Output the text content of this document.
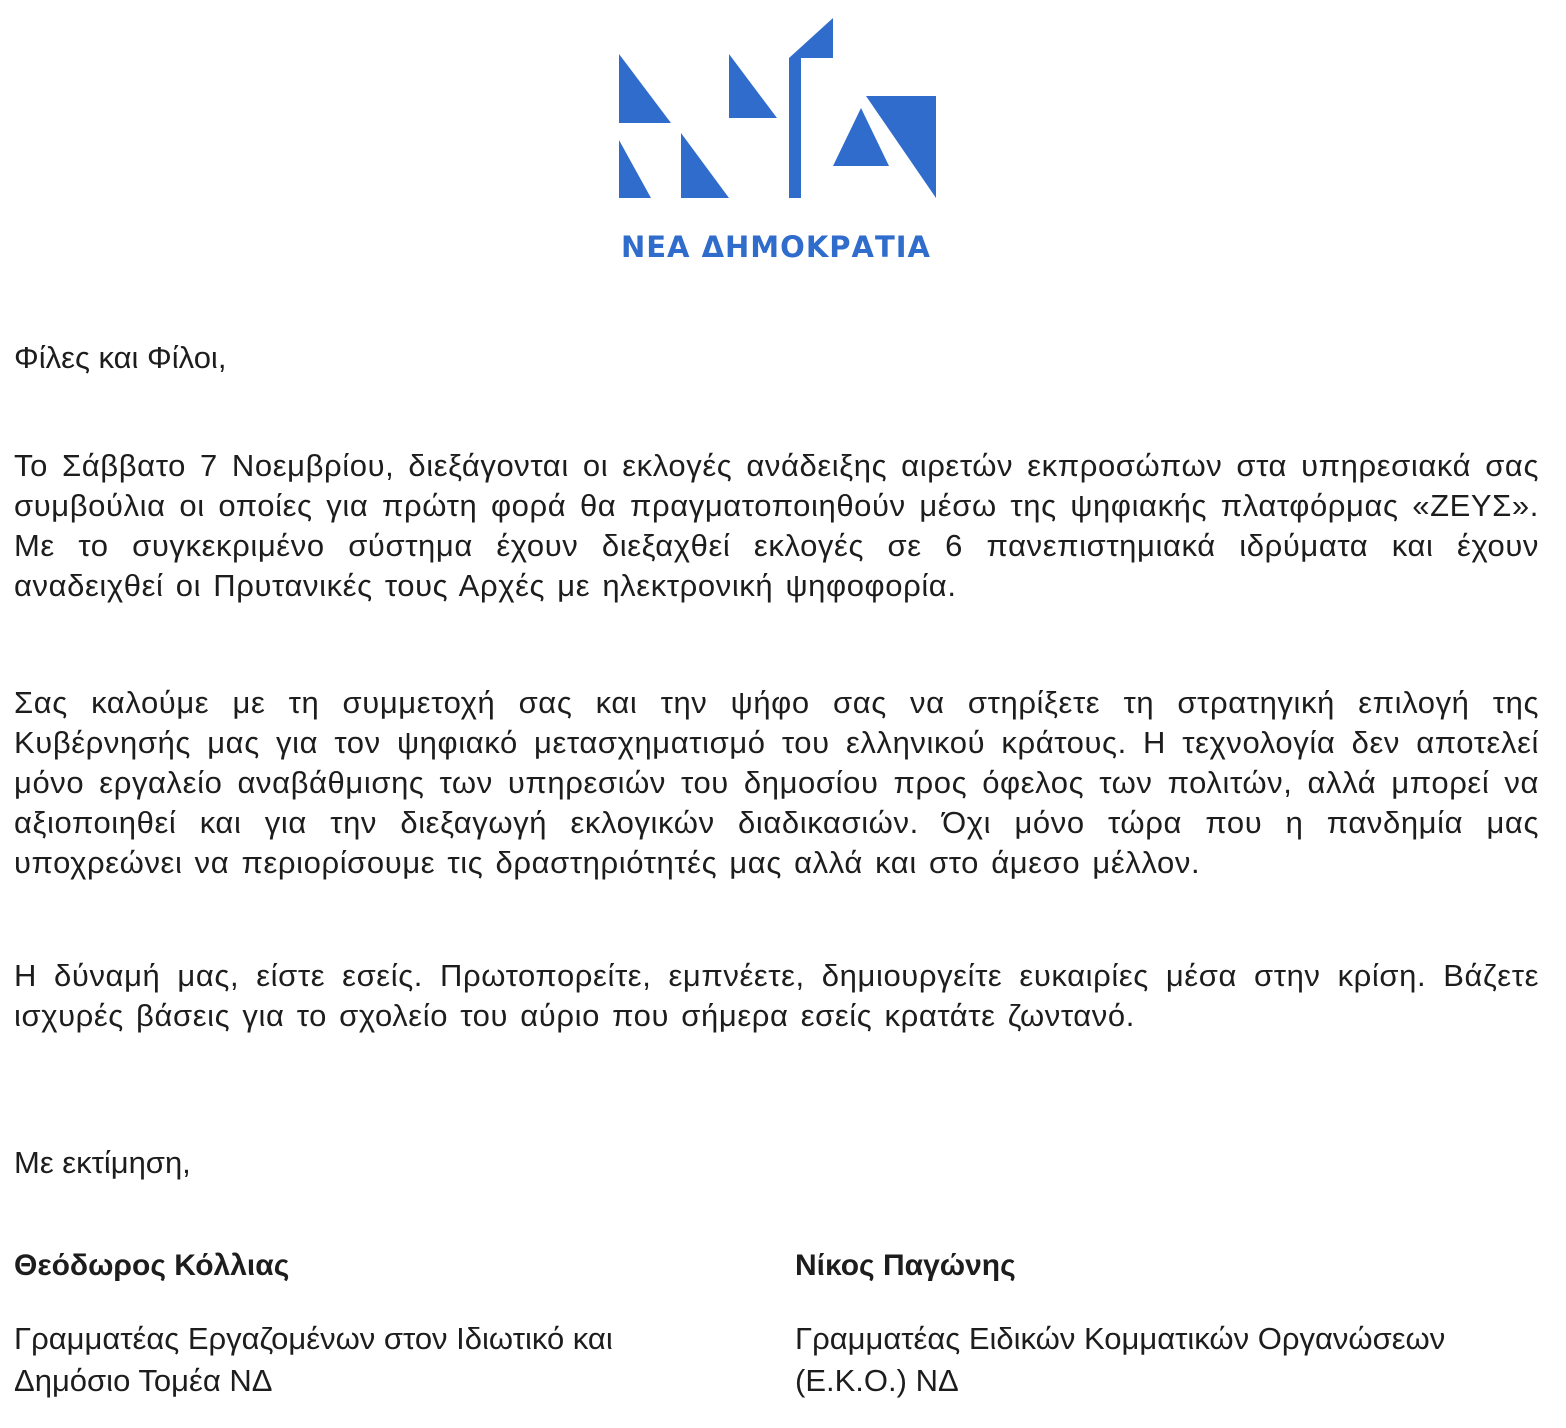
ΝΕΑ ΔΗΜΟΚΡΑΤΙΑ

Φίλες και Φίλοι,

Το Σάββατο 7 Νοεμβρίου, διεξάγονται οι εκλογές ανάδειξης αιρετών εκπροσώπων στα υπηρεσιακά σας συμβούλια οι οποίες για πρώτη φορά θα πραγματοποιηθούν μέσω της ψηφιακής πλατφόρμας «ΖΕΥΣ». Με το συγκεκριμένο σύστημα έχουν διεξαχθεί εκλογές σε 6 πανεπιστημιακά ιδρύματα και έχουν αναδειχθεί οι Πρυτανικές τους Αρχές με ηλεκτρονική ψηφοφορία.

Σας καλούμε με τη συμμετοχή σας και την ψήφο σας να στηρίξετε τη στρατηγική επιλογή της Κυβέρνησής μας για τον ψηφιακό μετασχηματισμό του ελληνικού κράτους. Η τεχνολογία δεν αποτελεί μόνο εργαλείο αναβάθμισης των υπηρεσιών του δημοσίου προς όφελος των πολιτών, αλλά μπορεί να αξιοποιηθεί και για την διεξαγωγή εκλογικών διαδικασιών. Όχι μόνο τώρα που η πανδημία μας υποχρεώνει να περιορίσουμε τις δραστηριότητές μας αλλά και στο άμεσο μέλλον.

Η δύναμή μας, είστε εσείς. Πρωτοπορείτε, εμπνέετε, δημιουργείτε ευκαιρίες μέσα στην κρίση. Βάζετε ισχυρές βάσεις για το σχολείο του αύριο που σήμερα εσείς κρατάτε ζωντανό.

Με εκτίμηση,

Θεόδωρος Κόλλιας

Γραμματέας Εργαζομένων στον Ιδιωτικό και Δημόσιο Τομέα ΝΔ

Νίκος Παγώνης

Γραμματέας Ειδικών Κομματικών Οργανώσεων (Ε.Κ.Ο.) ΝΔ
